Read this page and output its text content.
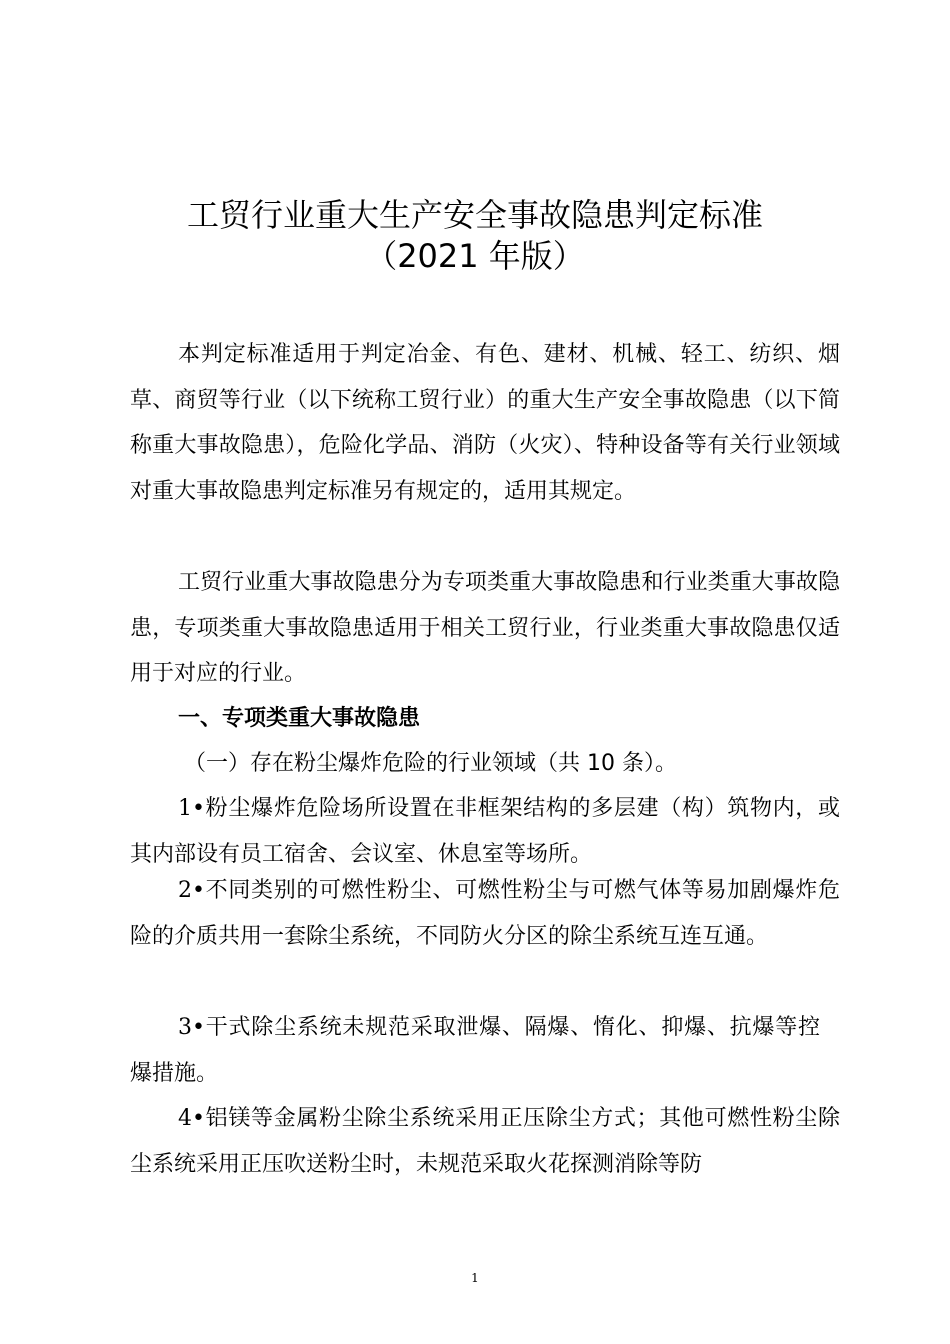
工贸行业重大生产安全事故隐患判定标准
（2021 年版）

本判定标准适用于判定冶金、有色、建材、机械、轻工、纺织、烟草、商贸等行业（以下统称工贸行业）的重大生产安全事故隐患（以下简称重大事故隐患），危险化学品、消防（火灾）、特种设备等有关行业领域对重大事故隐患判定标准另有规定的，适用其规定。

工贸行业重大事故隐患分为专项类重大事故隐患和行业类重大事故隐患，专项类重大事故隐患适用于相关工贸行业，行业类重大事故隐患仅适用于对应的行业。

一、专项类重大事故隐患

（一）存在粉尘爆炸危险的行业领域（共 10 条）。

1•粉尘爆炸危险场所设置在非框架结构的多层建（构）筑物内，或其内部设有员工宿舍、会议室、休息室等场所。

2•不同类别的可燃性粉尘、可燃性粉尘与可燃气体等易加剧爆炸危险的介质共用一套除尘系统，不同防火分区的除尘系统互连互通。

3•干式除尘系统未规范采取泄爆、隔爆、惰化、抑爆、抗爆等控爆措施。

4•铝镁等金属粉尘除尘系统采用正压除尘方式；其他可燃性粉尘除尘系统采用正压吹送粉尘时，未规范采取火花探测消除等防

1
